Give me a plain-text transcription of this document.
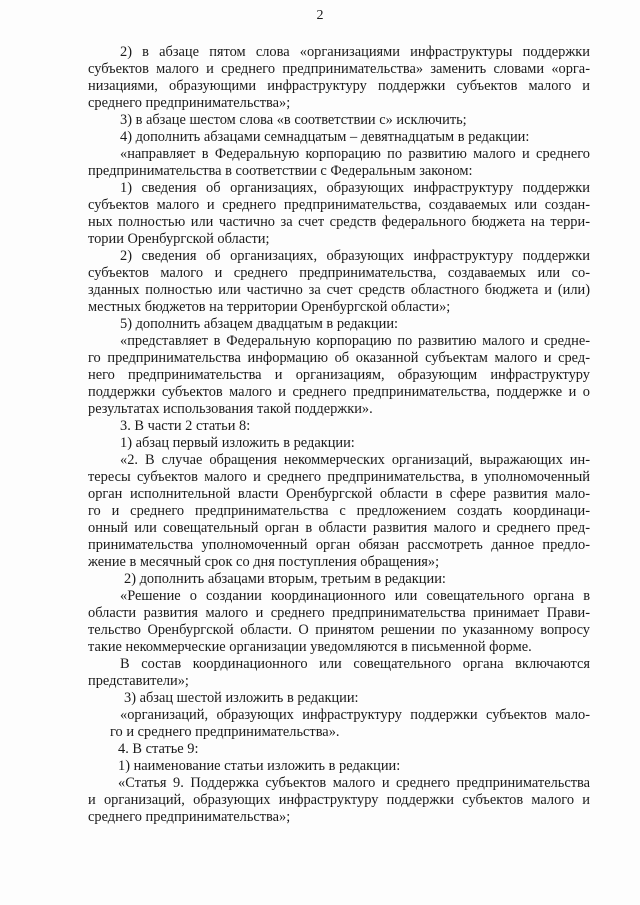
2
2) в абзаце пятом слова «организациями инфраструктуры поддержки
субъектов малого и среднего предпринимательства» заменить словами «орга-
низациями, образующими инфраструктуру поддержки субъектов малого и
среднего предпринимательства»;
3) в абзаце шестом слова «в соответствии с» исключить;
4) дополнить абзацами семнадцатым – девятнадцатым в редакции:
«направляет в Федеральную корпорацию по развитию малого и среднего
предпринимательства в соответствии с Федеральным законом:
1) сведения об организациях, образующих инфраструктуру поддержки
субъектов малого и среднего предпринимательства, создаваемых или создан-
ных полностью или частично за счет средств федерального бюджета на терри-
тории Оренбургской области;
2) сведения об организациях, образующих инфраструктуру поддержки
субъектов малого и среднего предпринимательства, создаваемых или со-
зданных полностью или частично за счет средств областного бюджета и (или)
местных бюджетов на территории Оренбургской области»;
5) дополнить абзацем двадцатым в редакции:
«представляет в Федеральную корпорацию по развитию малого и средне-
го предпринимательства информацию об оказанной субъектам малого и сред-
него предпринимательства и организациям, образующим инфраструктуру
поддержки субъектов малого и среднего предпринимательства, поддержке и о
результатах использования такой поддержки».
3. В части 2 статьи 8:
1) абзац первый изложить в редакции:
«2. В случае обращения некоммерческих организаций, выражающих ин-
тересы субъектов малого и среднего предпринимательства, в уполномоченный
орган исполнительной власти Оренбургской области в сфере развития мало-
го и среднего предпринимательства с предложением создать координаци-
онный или совещательный орган в области развития малого и среднего пред-
принимательства уполномоченный орган обязан рассмотреть данное предло-
жение в месячный срок со дня поступления обращения»;
2) дополнить абзацами вторым, третьим в редакции:
«Решение о создании координационного или совещательного органа в
области развития малого и среднего предпринимательства принимает Прави-
тельство Оренбургской области. О принятом решении по указанному вопросу
такие некоммерческие организации уведомляются в письменной форме.
В состав координационного или совещательного органа включаются
представители»;
3) абзац шестой изложить в редакции:
«организаций, образующих инфраструктуру поддержки субъектов мало-
го и среднего предпринимательства».
4. В статье 9:
1) наименование статьи изложить в редакции:
«Статья 9. Поддержка субъектов малого и среднего предпринимательства
и организаций, образующих инфраструктуру поддержки субъектов малого и
среднего предпринимательства»;
